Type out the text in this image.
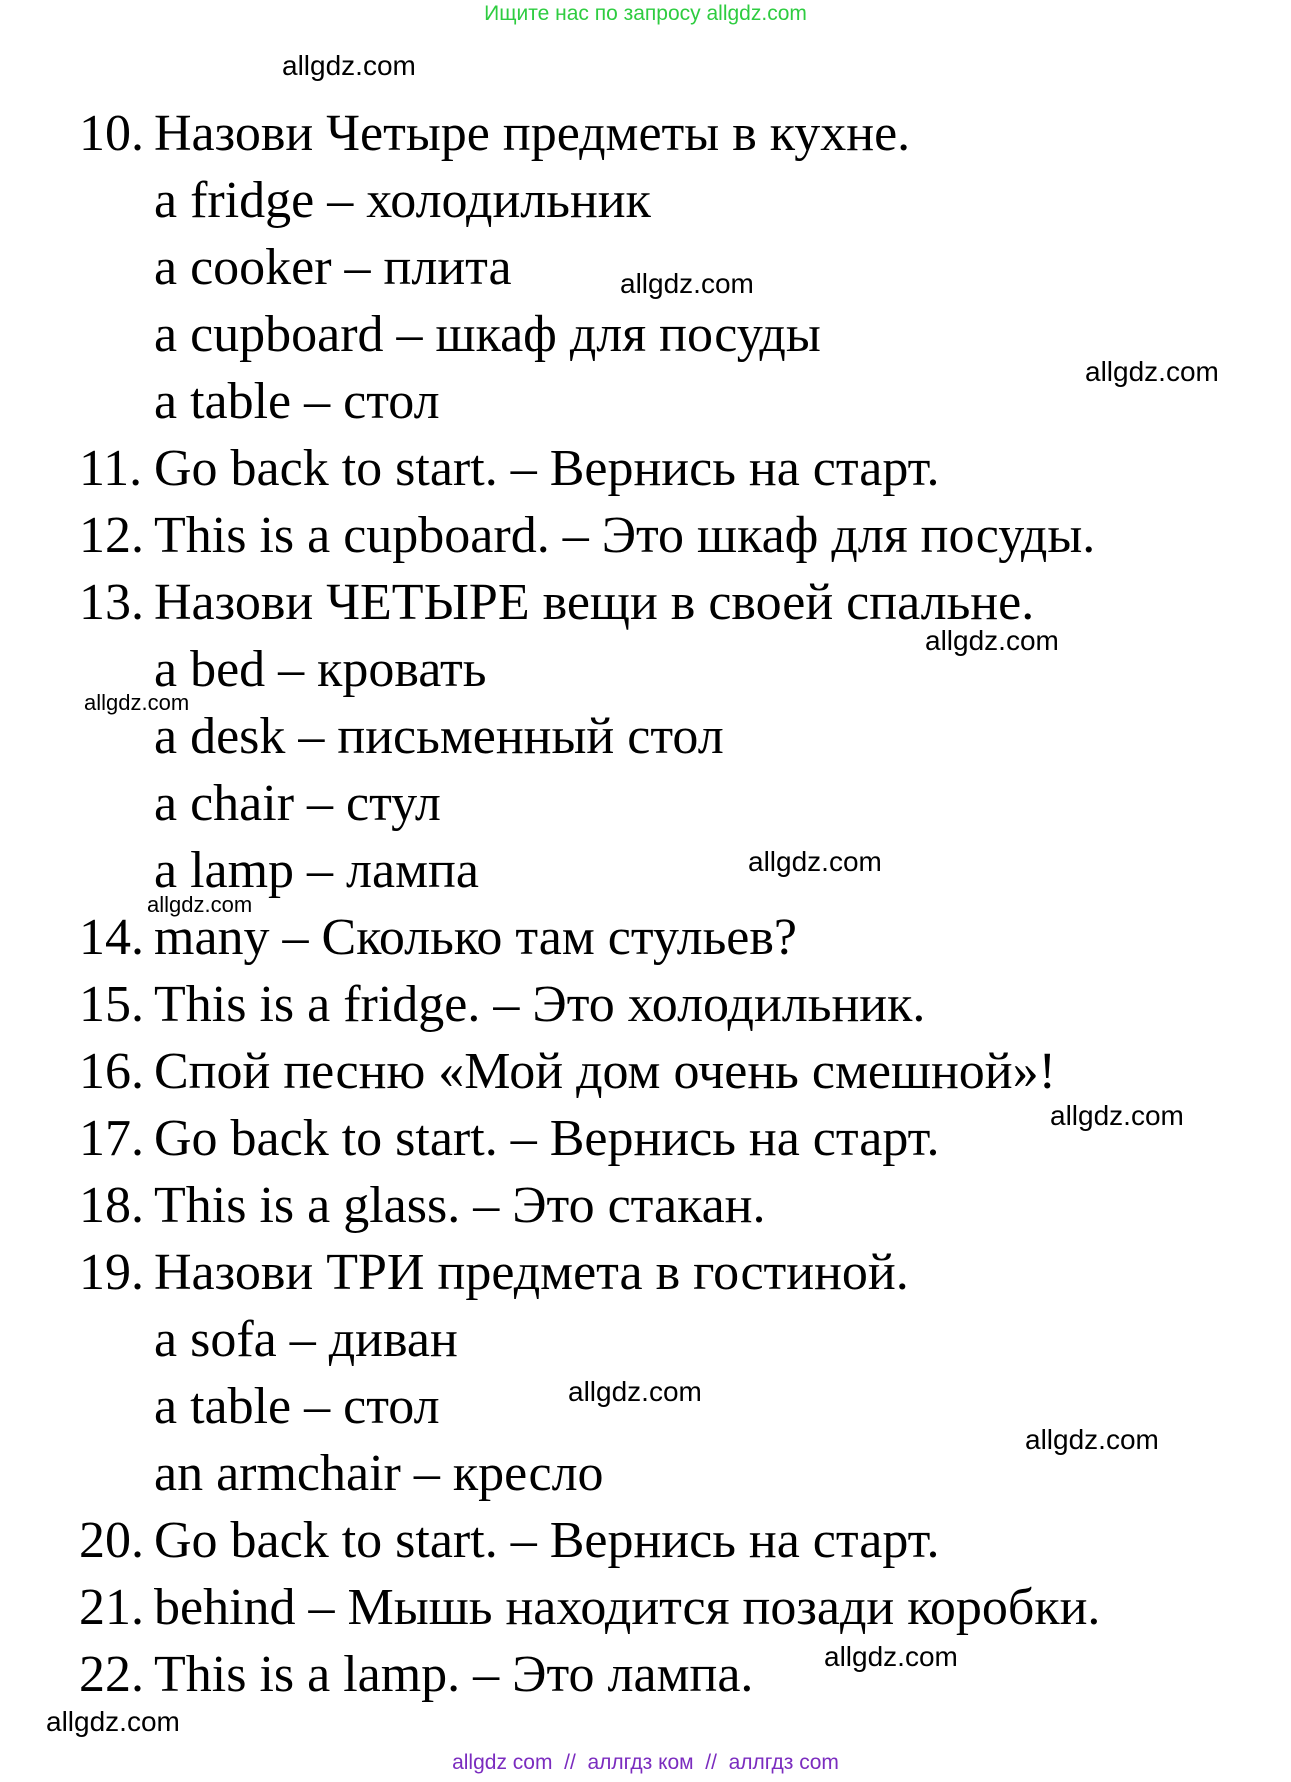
Ищите нас по запросу allgdz.com
allgdz.com
allgdz.com
allgdz.com
allgdz.com
allgdz.com
allgdz.com
allgdz.com
allgdz.com
allgdz.com
allgdz.com
allgdz.com
allgdz.com
10. Назови Четыре предметы в кухне.
a fridge – холодильник
a cooker – плита
a cupboard – шкаф для посуды
a table – стол
11. Go back to start. – Вернись на старт.
12. This is a cupboard. – Это шкаф для посуды.
13. Назови ЧЕТЫРЕ вещи в своей спальне.
a bed – кровать
a desk – письменный стол
a chair – стул
a lamp – лампа
14. many – Сколько там стульев?
15. This is a fridge. – Это холодильник.
16. Спой песню «Мой дом очень смешной»!
17. Go back to start. – Вернись на старт.
18. This is a glass. – Это стакан.
19. Назови ТРИ предмета в гостиной.
a sofa – диван
a table – стол
an armchair – кресло
20. Go back to start. – Вернись на старт.
21. behind – Мышь находится позади коробки.
22. This is a lamp. – Это лампа.
allgdz com  //  аллгдз ком  //  аллгдз com
